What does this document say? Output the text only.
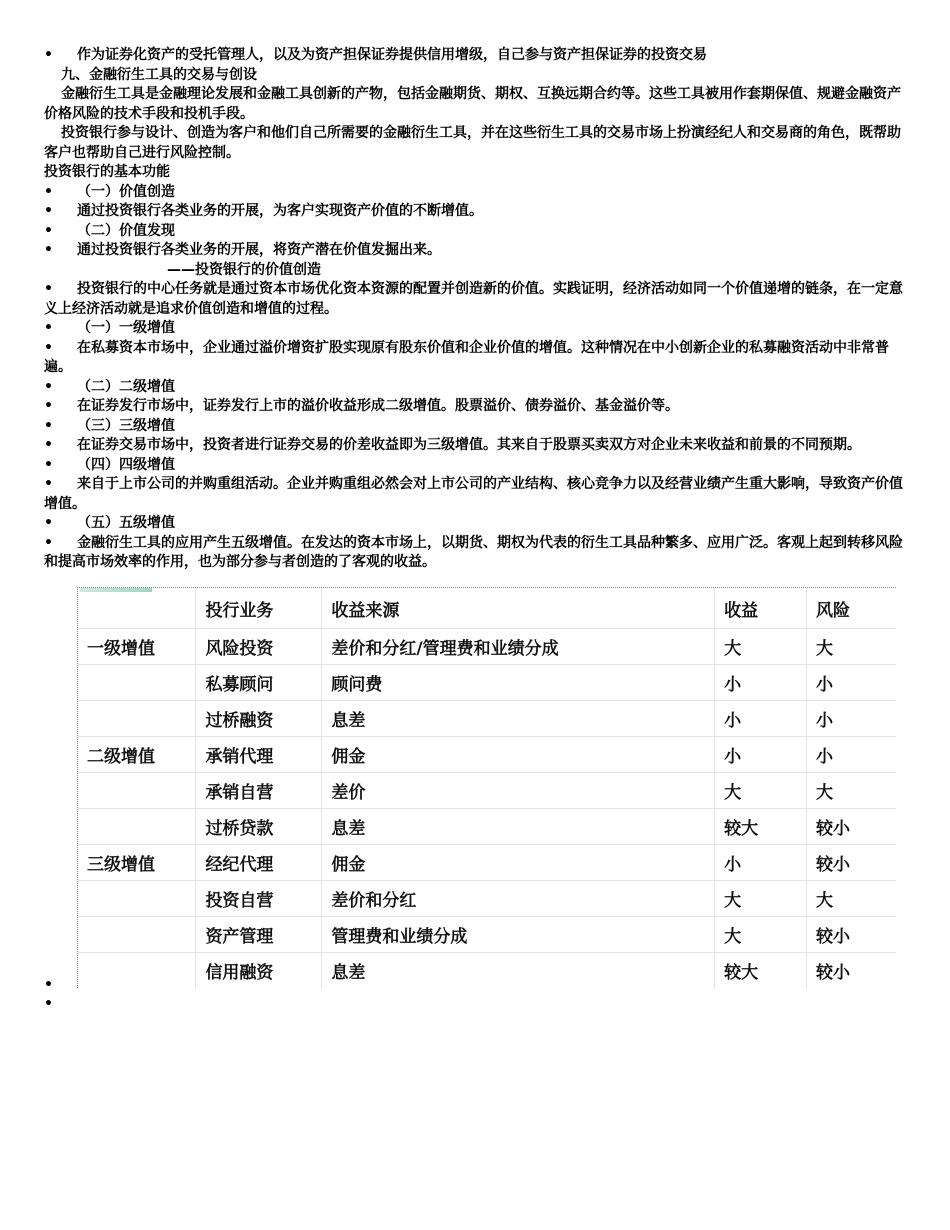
• 作为证券化资产的受托管理人，以及为资产担保证券提供信用增级，自己参与资产担保证券的投资交易

九、金融衍生工具的交易与创设

金融衍生工具是金融理论发展和金融工具创新的产物，包括金融期货、期权、互换远期合约等。这些工具被用作套期保值、规避金融资产价格风险的技术手段和投机手段。

投资银行参与设计、创造为客户和他们自己所需要的金融衍生工具，并在这些衍生工具的交易市场上扮演经纪人和交易商的角色，既帮助客户也帮助自己进行风险控制。

投资银行的基本功能

• （一）价值创造

• 通过投资银行各类业务的开展，为客户实现资产价值的不断增值。

• （二）价值发现

• 通过投资银行各类业务的开展，将资产潜在价值发掘出来。

——投资银行的价值创造

• 投资银行的中心任务就是通过资本市场优化资本资源的配置并创造新的价值。实践证明，经济活动如同一个价值递增的链条，在一定意义上经济活动就是追求价值创造和增值的过程。

• （一）一级增值

• 在私募资本市场中，企业通过溢价增资扩股实现原有股东价值和企业价值的增值。这种情况在中小创新企业的私募融资活动中非常普遍。

• （二）二级增值

• 在证券发行市场中，证券发行上市的溢价收益形成二级增值。股票溢价、债券溢价、基金溢价等。

• （三）三级增值

• 在证券交易市场中，投资者进行证券交易的价差收益即为三级增值。其来自于股票买卖双方对企业未来收益和前景的不同预期。

• （四）四级增值

• 来自于上市公司的并购重组活动。企业并购重组必然会对上市公司的产业结构、核心竞争力以及经营业绩产生重大影响，导致资产价值增值。

• （五）五级增值

• 金融衍生工具的应用产生五级增值。在发达的资本市场上，以期货、期权为代表的衍生工具品种繁多、应用广泛。客观上起到转移风险和提高市场效率的作用，也为部分参与者创造的了客观的收益。

	投行业务	收益来源	收益	风险
一级增值	风险投资	差价和分红/管理费和业绩分成	大	大
	私募顾问	顾问费	小	小
	过桥融资	息差	小	小
二级增值	承销代理	佣金	小	小
	承销自营	差价	大	大
	过桥贷款	息差	较大	较小
三级增值	经纪代理	佣金	小	较小
	投资自营	差价和分红	大	大
	资产管理	管理费和业绩分成	大	较小
	信用融资	息差	较大	较小

•

•
